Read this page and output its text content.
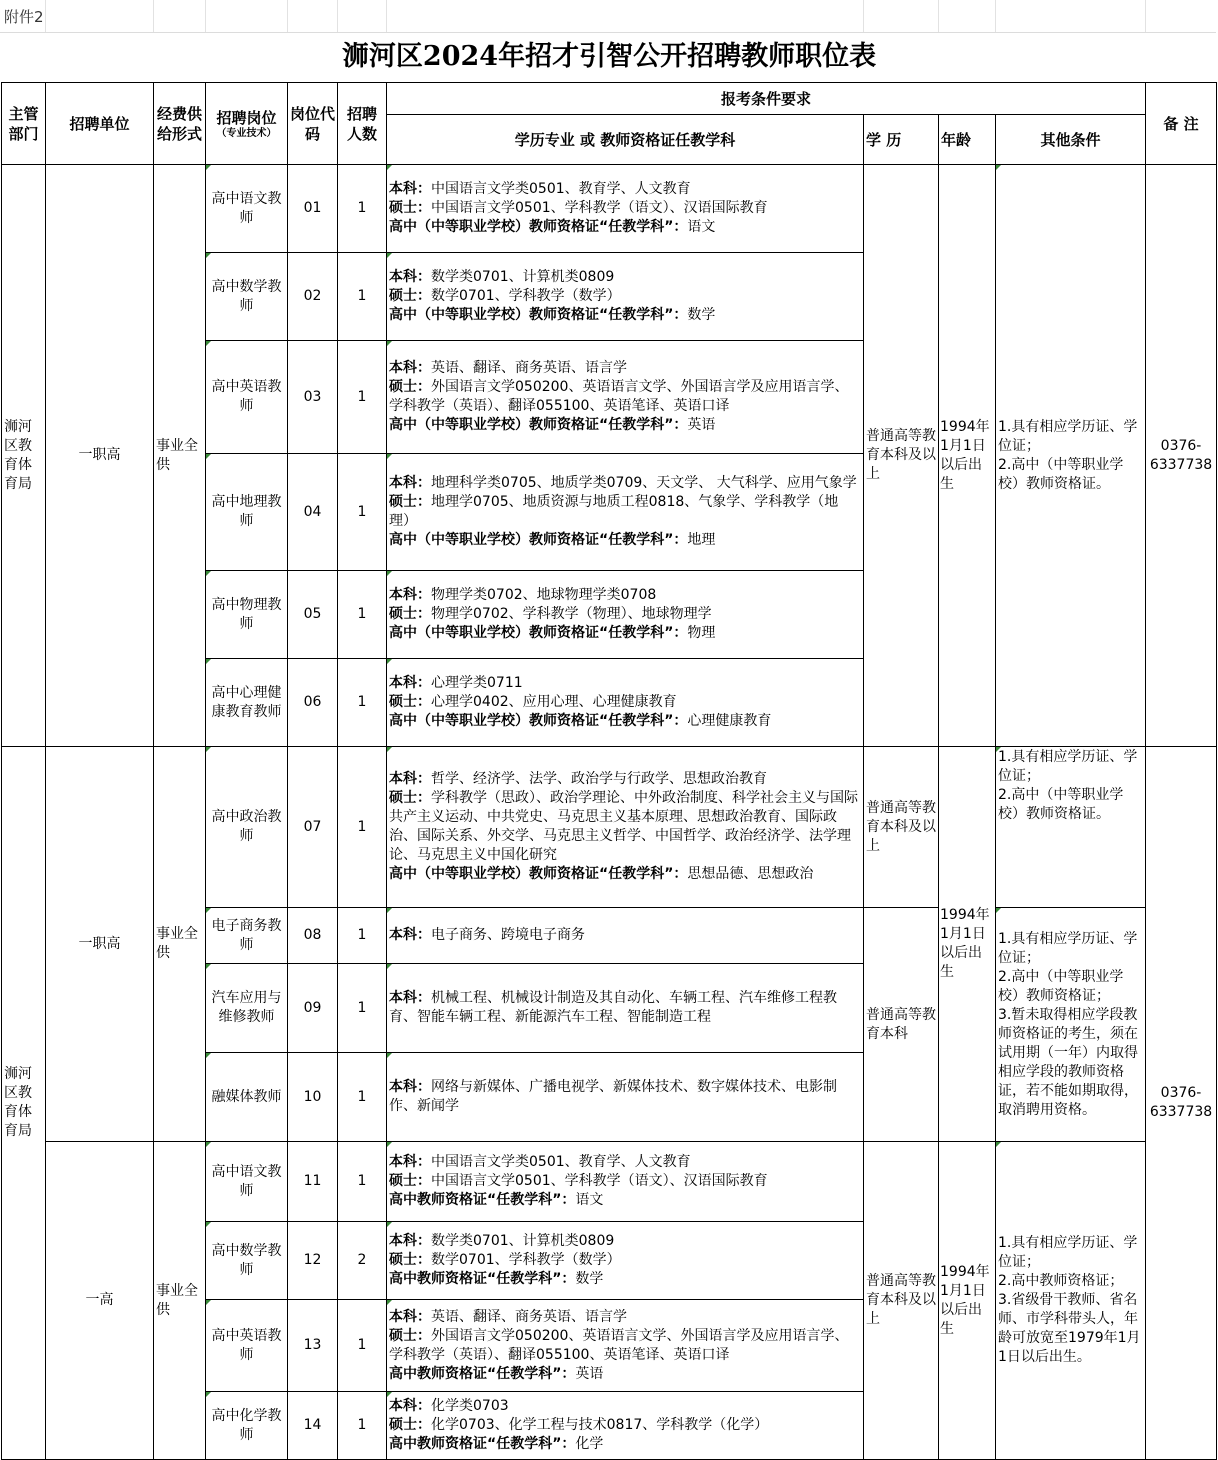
附件2
浉河区2024年招才引智公开招聘教师职位表
主管部门	招聘单位	经费供给形式	招聘岗位
（专业技术）	岗位代码	招聘人数	报考条件要求				备 注
						学历专业 或 教师资格证任教学科	学 历	年龄	其他条件	
浉河区教育体育局	一职高	事业全供	高中语文教师	01	1	本科：中国语言文学类0501、教育学、人文教育
硕士：中国语言文学0501、学科教学（语文）、汉语国际教育
高中（中等职业学校）教师资格证“任教学科”：语文	普通高等教育本科及以上	1994年1月1日以后出生	1.具有相应学历证、学位证；
2.高中（中等职业学校）教师资格证。	0376-6337738
			高中数学教师	02	1	本科：数学类0701、计算机类0809
硕士：数学0701、学科教学（数学）
高中（中等职业学校）教师资格证“任教学科”：数学				
			高中英语教师	03	1	本科：英语、翻译、商务英语、语言学
硕士：外国语言文学050200、英语语言文学、外国语言学及应用语言学、学科教学（英语）、翻译055100、英语笔译、英语口译
高中（中等职业学校）教师资格证“任教学科”：英语				
			高中地理教师	04	1	本科：地理科学类0705、地质学类0709、天文学、 大气科学、应用气象学
硕士：地理学0705、地质资源与地质工程0818、气象学、学科教学（地理）
高中（中等职业学校）教师资格证“任教学科”：地理				
			高中物理教师	05	1	本科：物理学类0702、地球物理学类0708
硕士：物理学0702、学科教学（物理）、地球物理学
高中（中等职业学校）教师资格证“任教学科”：物理				
			高中心理健康教育教师	06	1	本科：心理学类0711
硕士：心理学0402、应用心理、心理健康教育
高中（中等职业学校）教师资格证“任教学科”：心理健康教育				
浉河区教育体育局	一职高	事业全供	高中政治教师	07	1	本科：哲学、经济学、法学、政治学与行政学、思想政治教育
硕士：学科教学（思政）、政治学理论、中外政治制度、科学社会主义与国际共产主义运动、中共党史、马克思主义基本原理、思想政治教育、国际政治、国际关系、外交学、马克思主义哲学、中国哲学、政治经济学、法学理论、马克思主义中国化研究
高中（中等职业学校）教师资格证“任教学科”：思想品德、思想政治	普通高等教育本科及以上	1994年1月1日以后出生	1.具有相应学历证、学位证；
2.高中（中等职业学校）教师资格证。	0376-6337738
			电子商务教师	08	1	本科：电子商务、跨境电子商务	普通高等教育本科		1.具有相应学历证、学位证；
2.高中（中等职业学校）教师资格证；
3.暂未取得相应学段教师资格证的考生，须在试用期（一年）内取得相应学段的教师资格证，若不能如期取得，取消聘用资格。	
			汽车应用与维修教师	09	1	本科：机械工程、机械设计制造及其自动化、车辆工程、汽车维修工程教育、智能车辆工程、新能源汽车工程、智能制造工程				
			融媒体教师	10	1	本科：网络与新媒体、广播电视学、新媒体技术、数字媒体技术、电影制作、新闻学				
	一高	事业全供	高中语文教师	11	1	本科：中国语言文学类0501、教育学、人文教育
硕士：中国语言文学0501、学科教学（语文）、汉语国际教育
高中教师资格证“任教学科”：语文	普通高等教育本科及以上	1994年1月1日以后出生	1.具有相应学历证、学位证；
2.高中教师资格证；
3.省级骨干教师、省名师、市学科带头人，年龄可放宽至1979年1月1日以后出生。	
			高中数学教师	12	2	本科：数学类0701、计算机类0809
硕士：数学0701、学科教学（数学）
高中教师资格证“任教学科”：数学				
			高中英语教师	13	1	本科：英语、翻译、商务英语、语言学
硕士：外国语言文学050200、英语语言文学、外国语言学及应用语言学、学科教学（英语）、翻译055100、英语笔译、英语口译
高中教师资格证“任教学科”：英语				
			高中化学教师	14	1	本科：化学类0703
硕士：化学0703、化学工程与技术0817、学科教学（化学）
高中教师资格证“任教学科”：化学				
